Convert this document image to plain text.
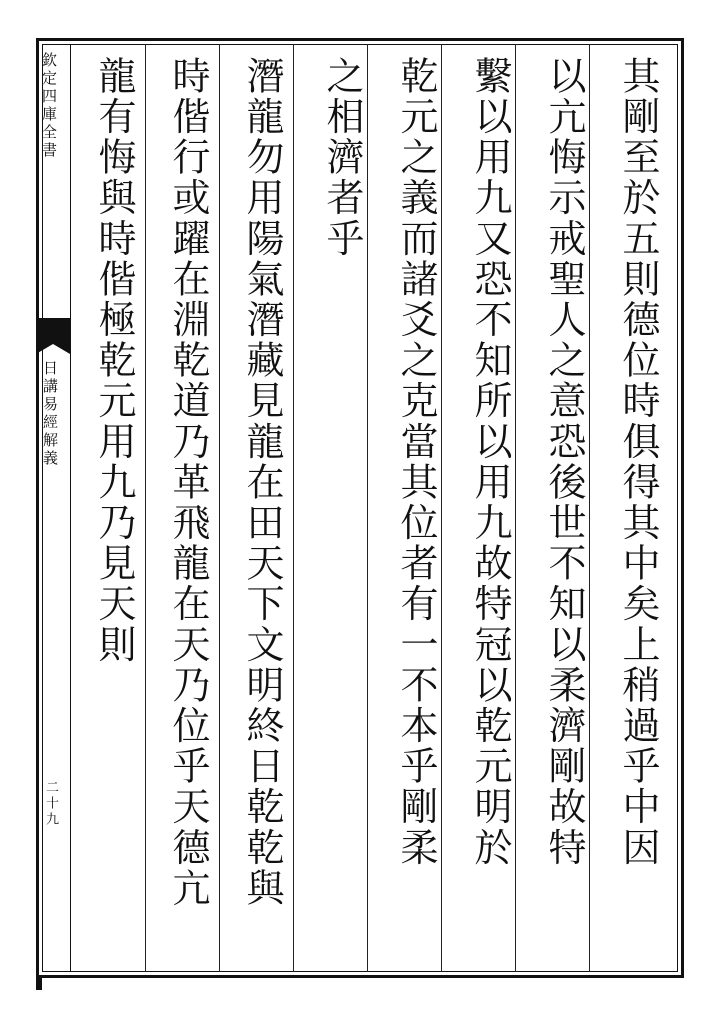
欽定四庫全書
日講易經解義
二十九	其剛至於五則德位時俱得其中矣上稍過乎中因
以亢悔示戒聖人之意恐後世不知以柔濟剛故特
繫以用九又恐不知所以用九故特冠以乾元明於
乾元之義而諸爻之克當其位者有一不本乎剛柔
之相濟者乎
潛龍勿用陽氣潛藏見龍在田天下文明終日乾乾與
時偕行或躍在淵乾道乃革飛龍在天乃位乎天德亢
龍有悔與時偕極乾元用九乃見天則
